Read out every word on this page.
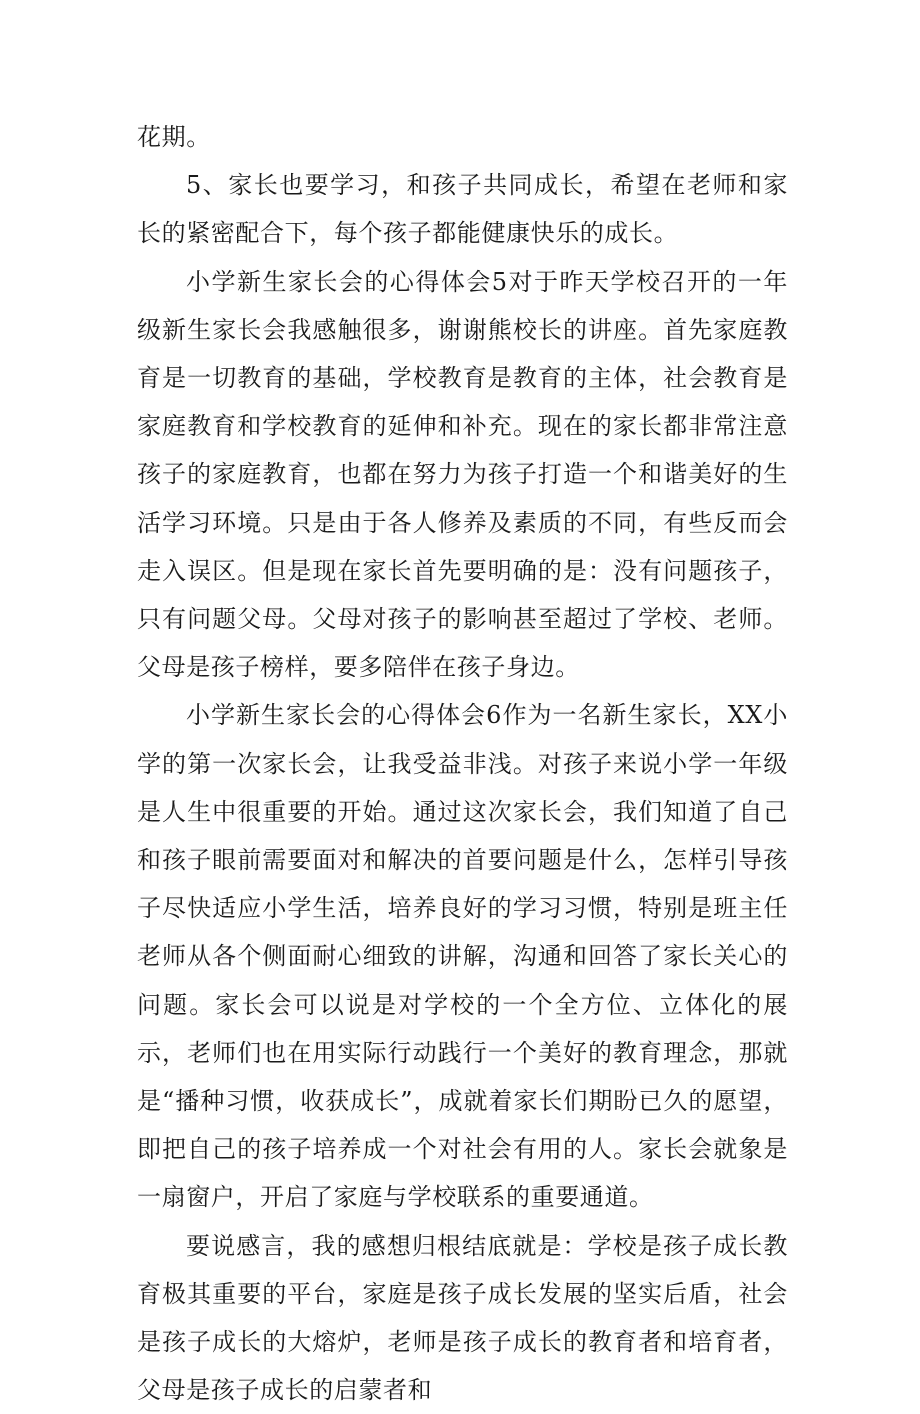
花期。

5、家长也要学习，和孩子共同成长，希望在老师和家长的紧密配合下，每个孩子都能健康快乐的成长。

小学新生家长会的心得体会5对于昨天学校召开的一年级新生家长会我感触很多，谢谢熊校长的讲座。首先家庭教育是一切教育的基础，学校教育是教育的主体，社会教育是家庭教育和学校教育的延伸和补充。现在的家长都非常注意孩子的家庭教育，也都在努力为孩子打造一个和谐美好的生活学习环境。只是由于各人修养及素质的不同，有些反而会走入误区。但是现在家长首先要明确的是：没有问题孩子，只有问题父母。父母对孩子的影响甚至超过了学校、老师。父母是孩子榜样，要多陪伴在孩子身边。

小学新生家长会的心得体会6作为一名新生家长，XX小学的第一次家长会，让我受益非浅。对孩子来说小学一年级是人生中很重要的开始。通过这次家长会，我们知道了自己和孩子眼前需要面对和解决的首要问题是什么，怎样引导孩子尽快适应小学生活，培养良好的学习习惯，特别是班主任老师从各个侧面耐心细致的讲解，沟通和回答了家长关心的问题。家长会可以说是对学校的一个全方位、立体化的展示，老师们也在用实际行动践行一个美好的教育理念，那就是“播种习惯，收获成长”，成就着家长们期盼已久的愿望，即把自己的孩子培养成一个对社会有用的人。家长会就象是一扇窗户，开启了家庭与学校联系的重要通道。

要说感言，我的感想归根结底就是：学校是孩子成长教育极其重要的平台，家庭是孩子成长发展的坚实后盾，社会是孩子成长的大熔炉，老师是孩子成长的教育者和培育者，父母是孩子成长的启蒙者和
